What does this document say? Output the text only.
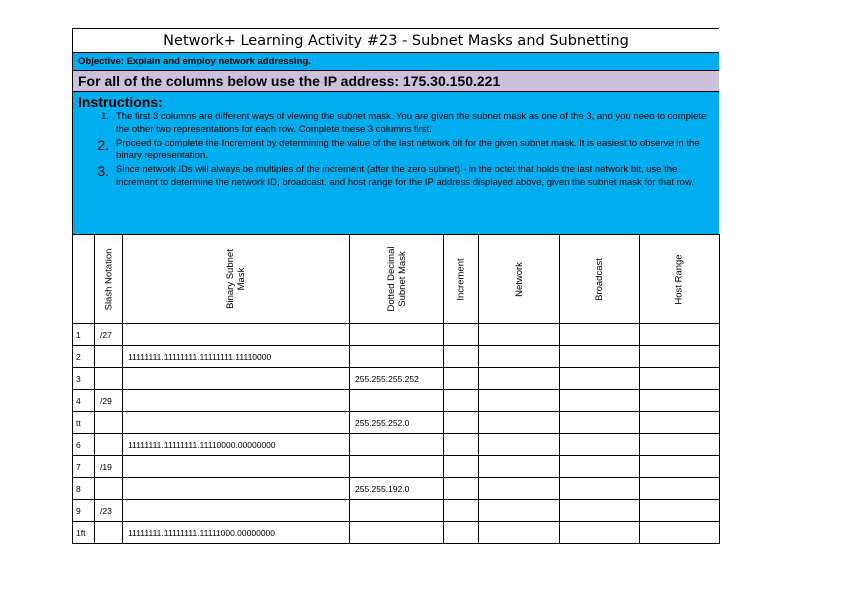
Network+ Learning Activity #23 - Subnet Masks and Subnetting
Objective: Explain and employ network addressing.
For all of the columns below use the IP address: 175.30.150.221
Instructions:
1. The first 3 columns are different ways of viewing the subnet mask. You are given the subnet mask as one of the 3, and you need to complete the other two representations for each row. Complete these 3 columns first.
2. Proceed to complete the Increment by determining the value of the last network bit for the given subnet mask. It is easiest to observe in the binary representation.
3. Since network IDs will always be multiples of the increment (after the zero subnet) - in the octet that holds the last network bit, use the increment to determine the network ID, broadcast, and host range for the IP address displayed above, given the subnet mask for that row.

	Slash Notation	Binary Subnet Mask	Dotted Decimal Subnet Mask	Increment	Network	Broadcast	Host Range

1	/27						
2		11111111.11111111.11111111.11110000					
3			255.255.255.252				
4	/29						
tt			255.255.252.0				
6		11111111.11111111.11110000.00000000					
7	/19						
8			255.255.192.0				
9	/23						
1ft		11111111.11111111.11111000.00000000					
